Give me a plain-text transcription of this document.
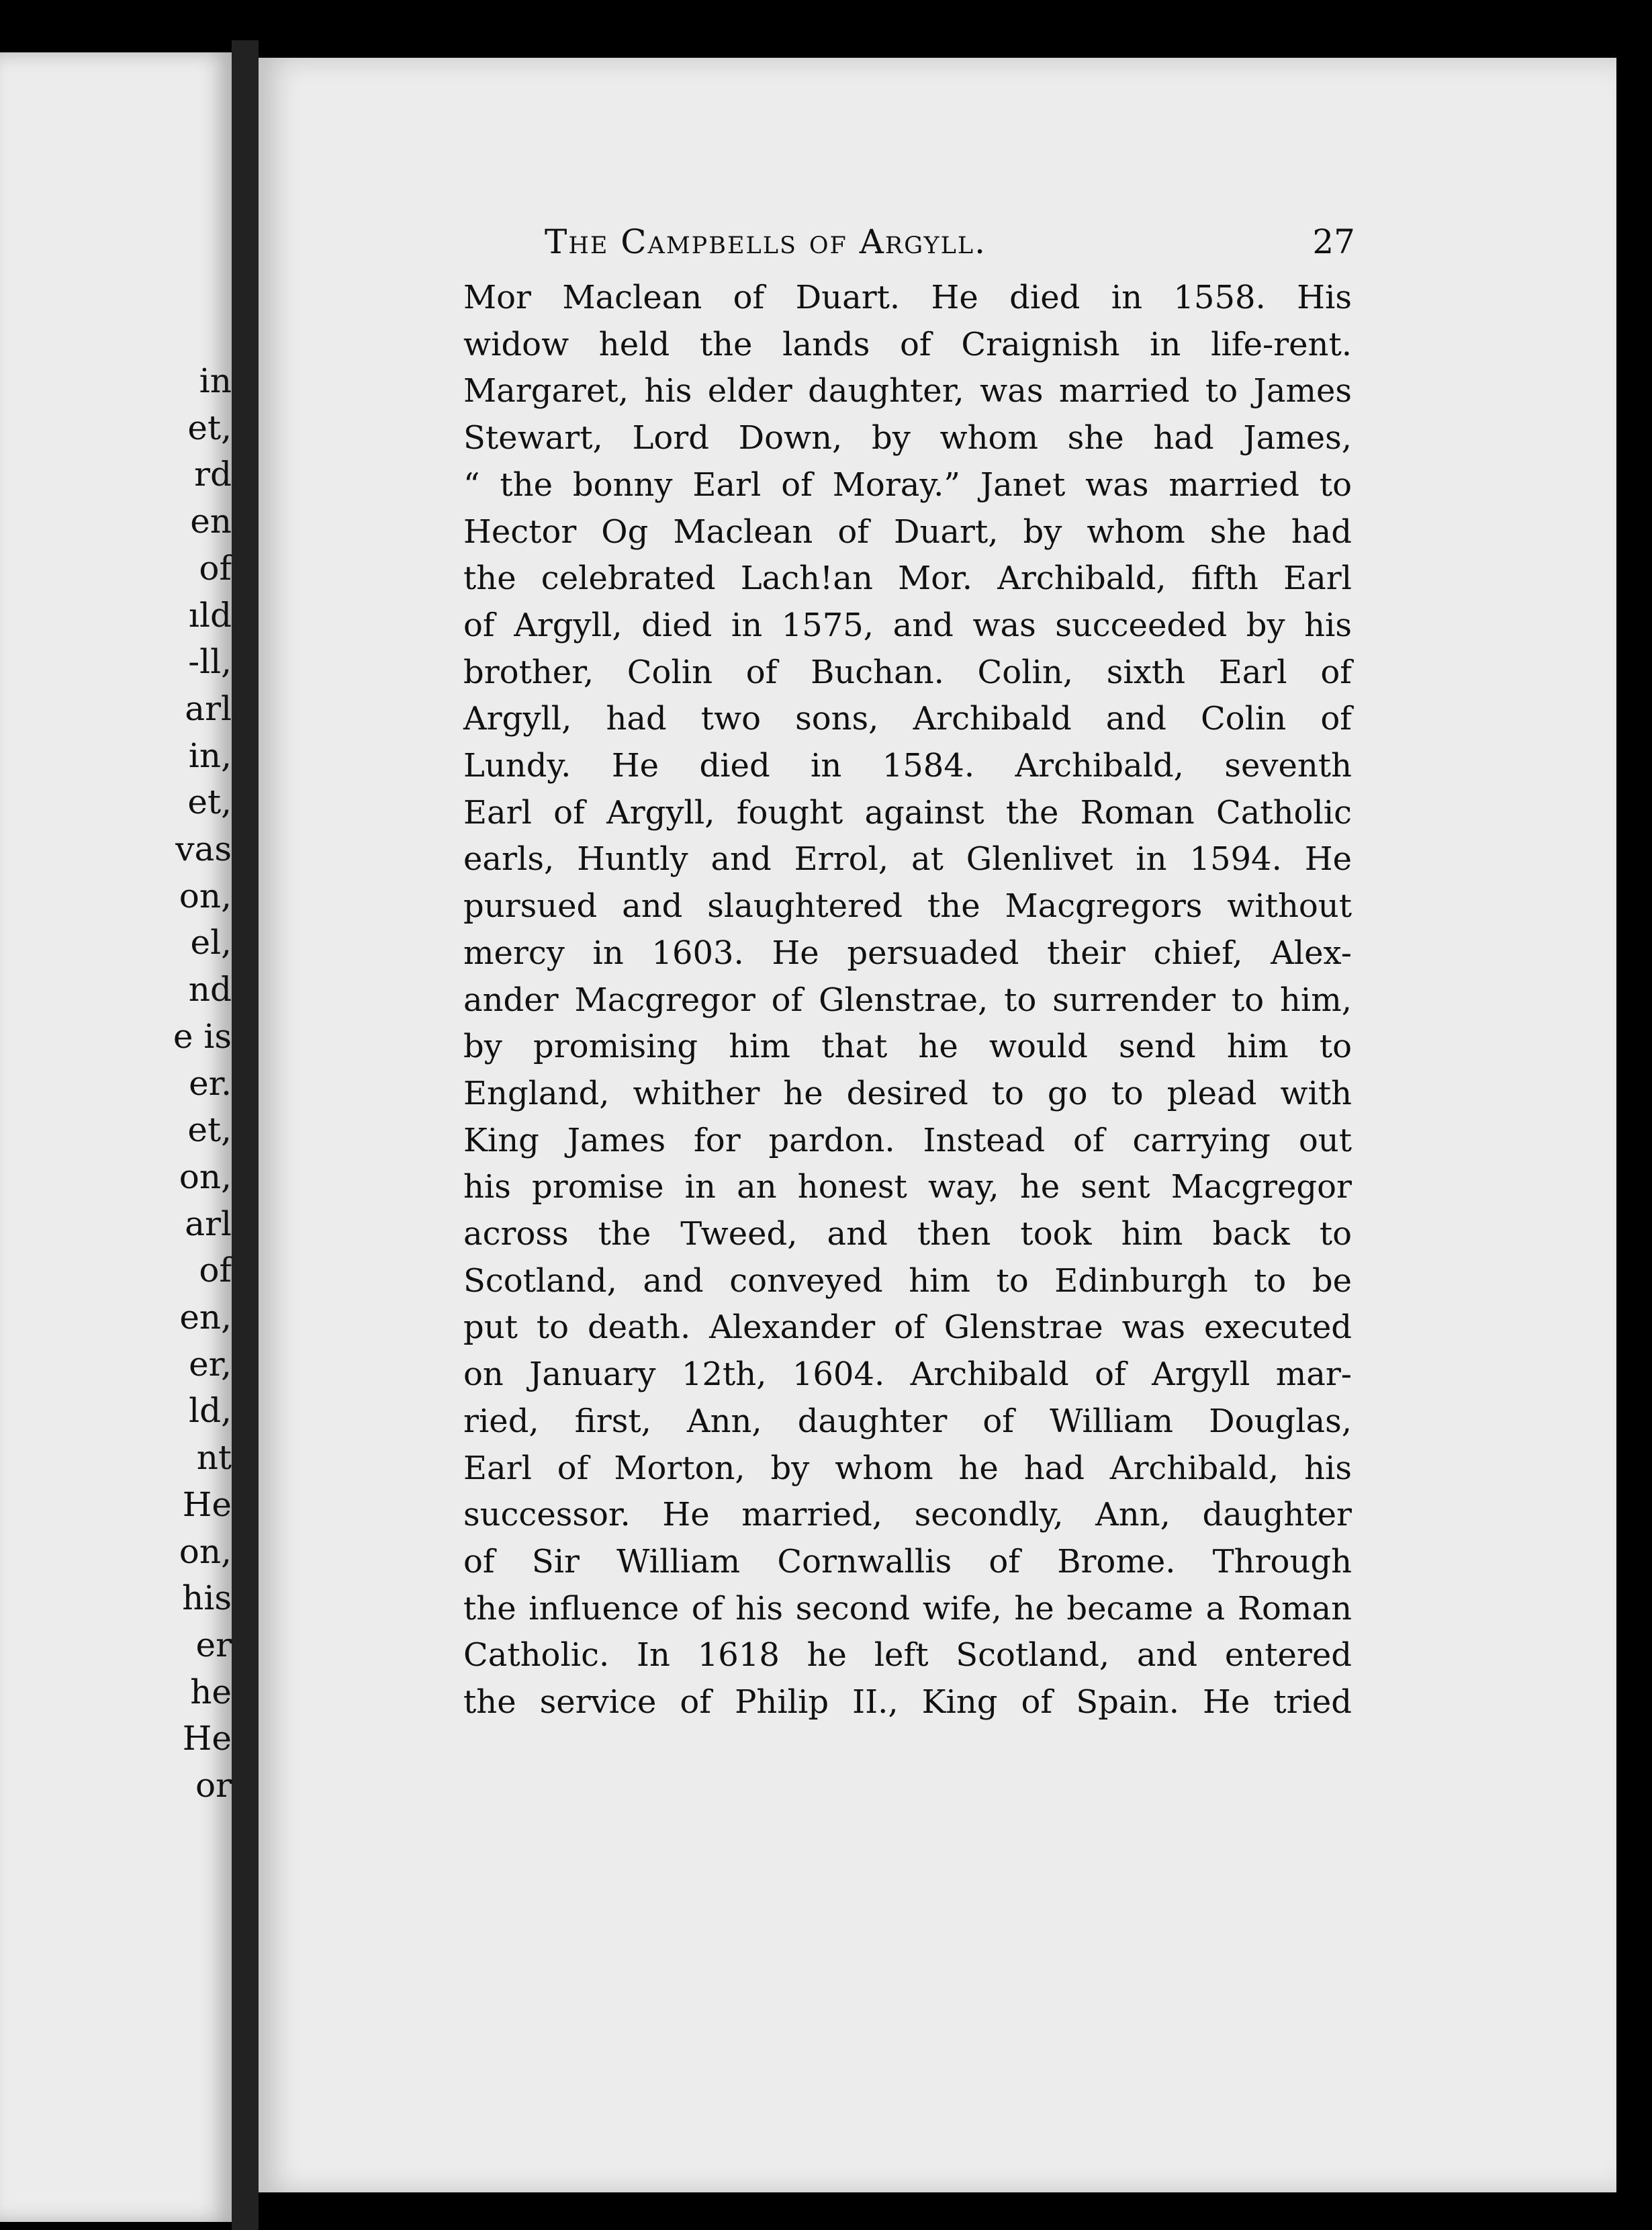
in
et,
rd
en
of
ıld
-ll,
arl
in,
et,
vas
on,
el,
nd
e is
er.
et,
on,
arl
of
en,
er,
ld,
nt
He
on,
his
er
he
He
or
The Campbells of Argyll.	27
Mor Maclean of Duart. He died in 1558. His
widow held the lands of Craignish in life-rent.
Margaret, his elder daughter, was married to James
Stewart, Lord Down, by whom she had James,
“ the bonny Earl of Moray.” Janet was married to
Hector Og Maclean of Duart, by whom she had
the celebrated Lach!an Mor. Archibald, fifth Earl
of Argyll, died in 1575, and was succeeded by his
brother, Colin of Buchan. Colin, sixth Earl of
Argyll, had two sons, Archibald and Colin of
Lundy. He died in 1584. Archibald, seventh
Earl of Argyll, fought against the Roman Catholic
earls, Huntly and Errol, at Glenlivet in 1594. He
pursued and slaughtered the Macgregors without
mercy in 1603. He persuaded their chief, Alex-
ander Macgregor of Glenstrae, to surrender to him,
by promising him that he would send him to
England, whither he desired to go to plead with
King James for pardon. Instead of carrying out
his promise in an honest way, he sent Macgregor
across the Tweed, and then took him back to
Scotland, and conveyed him to Edinburgh to be
put to death. Alexander of Glenstrae was executed
on January 12th, 1604. Archibald of Argyll mar-
ried, first, Ann, daughter of William Douglas,
Earl of Morton, by whom he had Archibald, his
successor. He married, secondly, Ann, daughter
of Sir William Cornwallis of Brome. Through
the influence of his second wife, he became a Roman
Catholic. In 1618 he left Scotland, and entered
the service of Philip II., King of Spain. He tried
